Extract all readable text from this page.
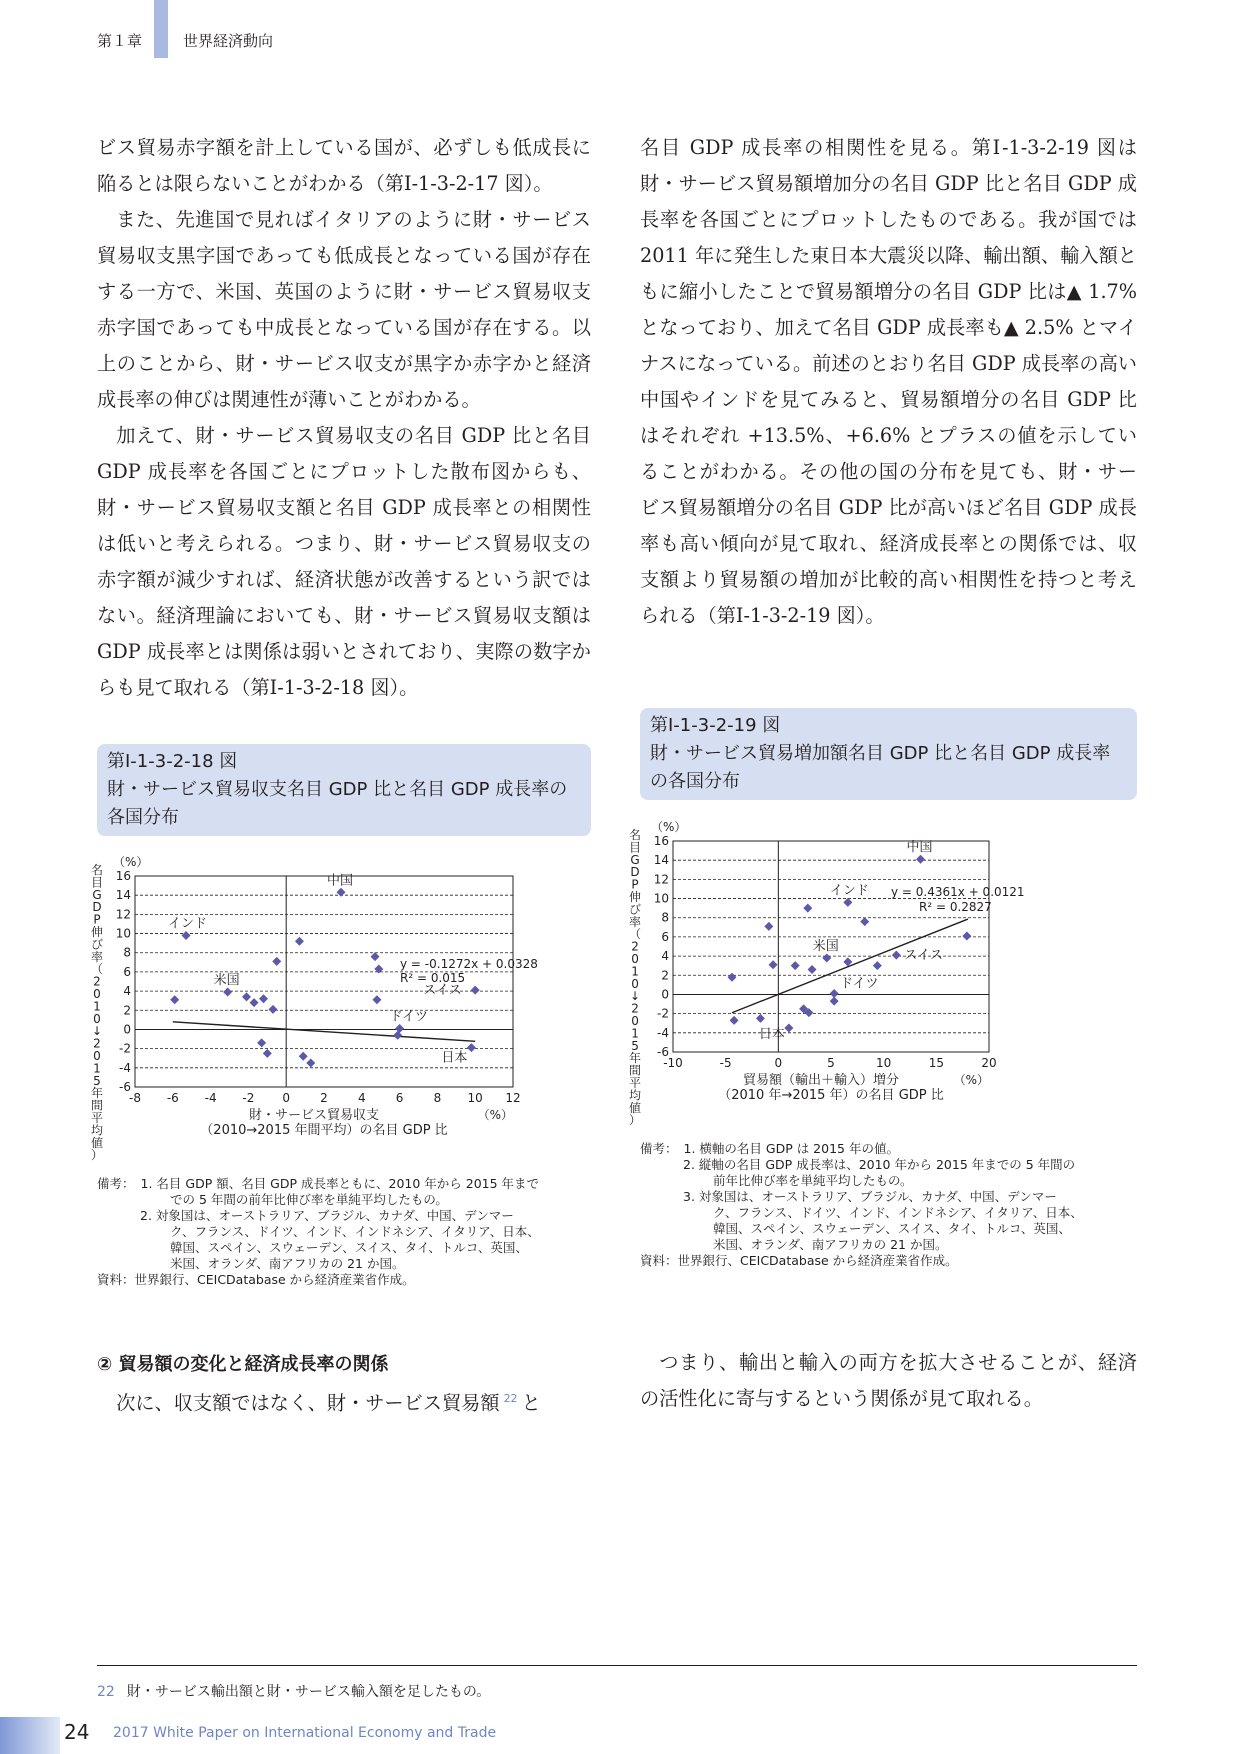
第１章	世界経済動向

ビス貿易赤字額を計上している国が、必ずしも低成長に陥るとは限らないことがわかる（第Ⅰ-1-3-2-17 図）。

また、先進国で見ればイタリアのように財・サービス貿易収支黒字国であっても低成長となっている国が存在する一方で、米国、英国のように財・サービス貿易収支赤字国であっても中成長となっている国が存在する。以上のことから、財・サービス収支が黒字か赤字かと経済成長率の伸びは関連性が薄いことがわかる。

加えて、財・サービス貿易収支の名目 GDP 比と名目 GDP 成長率を各国ごとにプロットした散布図からも、財・サービス貿易収支額と名目 GDP 成長率との相関性は低いと考えられる。つまり、財・サービス貿易収支の赤字額が減少すれば、経済状態が改善するという訳ではない。経済理論においても、財・サービス貿易収支額は GDP 成長率とは関係は弱いとされており、実際の数字からも見て取れる（第Ⅰ-1-3-2-18 図）。

名目 GDP 成長率の相関性を見る。第Ⅰ-1-3-2-19 図は財・サービス貿易額増加分の名目 GDP 比と名目 GDP 成長率を各国ごとにプロットしたものである。我が国では 2011 年に発生した東日本大震災以降、輸出額、輸入額ともに縮小したことで貿易額増分の名目 GDP 比は▲ 1.7% となっており、加えて名目 GDP 成長率も▲ 2.5% とマイナスになっている。前述のとおり名目 GDP 成長率の高い中国やインドを見てみると、貿易額増分の名目 GDP 比はそれぞれ +13.5%、+6.6% とプラスの値を示していることがわかる。その他の国の分布を見ても、財・サービス貿易額増分の名目 GDP 比が高いほど名目 GDP 成長率も高い傾向が見て取れ、経済成長率との関係では、収支額より貿易額の増加が比較的高い相関性を持つと考えられる（第Ⅰ-1-3-2-19 図）。

第Ⅰ-1-3-2-18 図
財・サービス貿易収支名目 GDP 比と名目 GDP 成長率の各国分布
第Ⅰ-1-3-2-19 図
財・サービス貿易増加額名目 GDP 比と名目 GDP 成長率の各国分布
-6
-4
-2
0
2
4
6
8
10
12
14
16
-8 -6 -4 -2 0	2	4	6	8 10 12
（%）
名
目
G
D
P
伸
び
率
（
2
0
1
0
↓
2
0
1
5
年
間
平
均
値
）
財・サービス貿易収支
（2010→2015 年間平均）の名目 GDP 比
（%）
中国
インド
米国
スイス
ドイツ
日本
y = -0.1272x + 0.0328
R² = 0.015
-6
-4
-2
0
2
4
6
8
10
12
14
16
-10	-5	0	5	10	15	20
（%）
名
目
G
D
P
伸
び
率
（
2
0
1
0
↓
2
0
1
5
年
間
平
均
値
）
貿易額（輸出＋輸入）増分
（2010 年→2015 年）の名目 GDP 比
（%）
中国
インド
米国
スイス
ドイツ
日本
y = 0.4361x + 0.0121
R² = 0.2827
備考： 1. 名目 GDP 額、名目 GDP 成長率ともに、2010 年から 2015 年まで
での 5 年間の前年比伸び率を単純平均したもの。
2. 対象国は、オーストラリア、ブラジル、カナダ、中国、デンマー
ク、フランス、ドイツ、インド、インドネシア、イタリア、日本、
韓国、スペイン、スウェーデン、スイス、タイ、トルコ、英国、
米国、オランダ、南アフリカの 21 か国。
資料：世界銀行、CEICDatabase から経済産業省作成。
備考： 1. 横軸の名目 GDP は 2015 年の値。
2. 縦軸の名目 GDP 成長率は、2010 年から 2015 年までの 5 年間の
前年比伸び率を単純平均したもの。
3. 対象国は、オーストラリア、ブラジル、カナダ、中国、デンマー
ク、フランス、ドイツ、インド、インドネシア、イタリア、日本、
韓国、スペイン、スウェーデン、スイス、タイ、トルコ、英国、
米国、オランダ、南アフリカの 21 か国。
資料：世界銀行、CEICDatabase から経済産業省作成。
② 貿易額の変化と経済成長率の関係

次に、収支額ではなく、財・サービス貿易額 $^{22}$ と

つまり、輸出と輸入の両方を拡大させることが、経済の活性化に寄与するという関係が見て取れる。

22 財・サービス輸出額と財・サービス輸入額を足したもの。
24 2017 White Paper on International Economy and Trade
